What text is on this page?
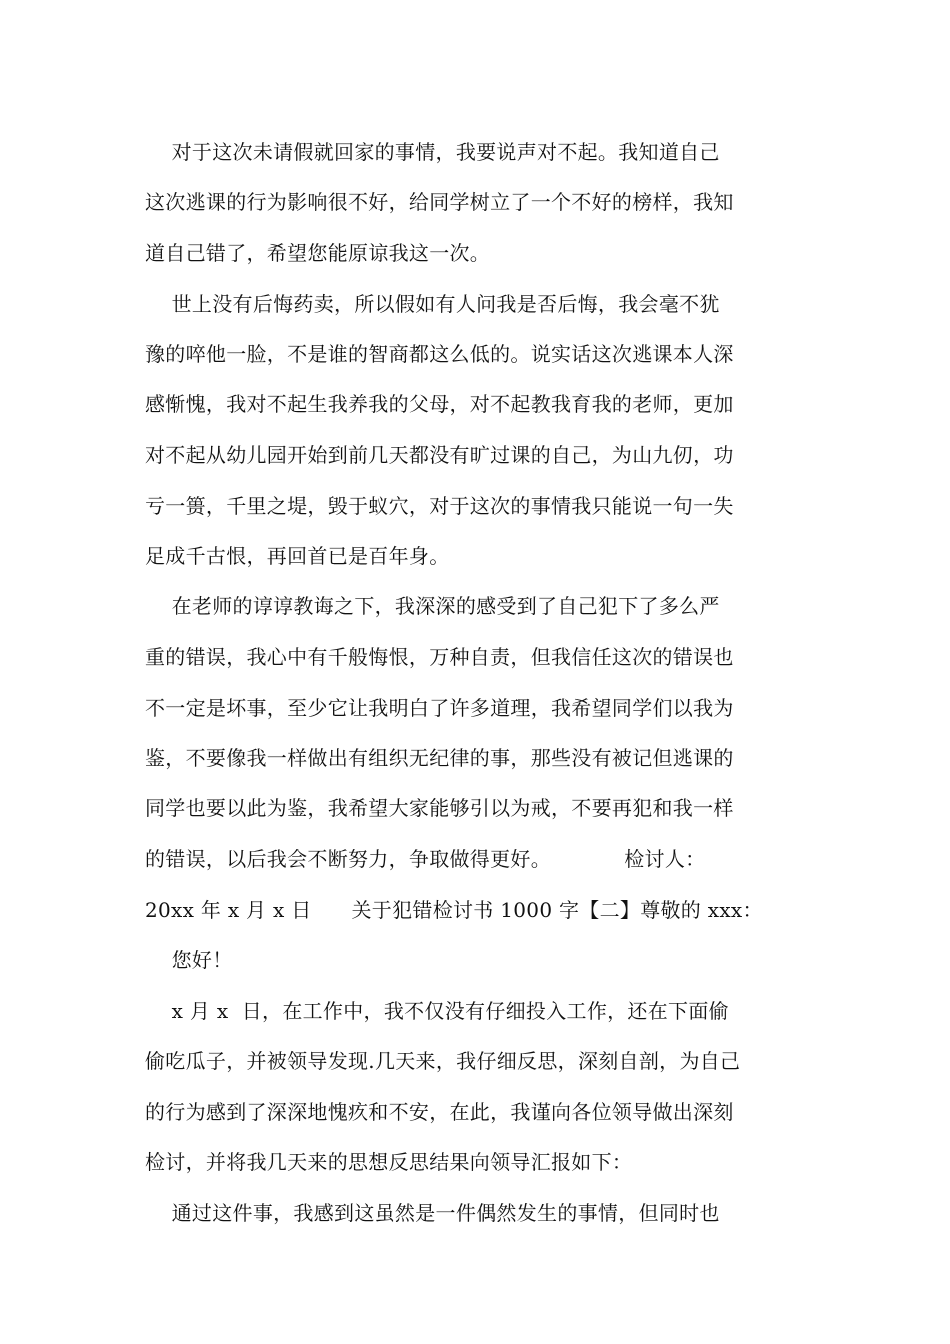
对于这次未请假就回家的事情，我要说声对不起。我知道自己
这次逃课的行为影响很不好，给同学树立了一个不好的榜样，我知
道自己错了，希望您能原谅我这一次。
世上没有后悔药卖，所以假如有人问我是否后悔，我会毫不犹
豫的啐他一脸，不是谁的智商都这么低的。说实话这次逃课本人深
感惭愧，我对不起生我养我的父母，对不起教我育我的老师，更加
对不起从幼儿园开始到前几天都没有旷过课的自己，为山九仞，功
亏一篑，千里之堤，毁于蚁穴，对于这次的事情我只能说一句一失
足成千古恨，再回首已是百年身。
在老师的谆谆教诲之下，我深深的感受到了自己犯下了多么严
重的错误，我心中有千般悔恨，万种自责，但我信任这次的错误也
不一定是坏事，至少它让我明白了许多道理，我希望同学们以我为
鉴，不要像我一样做出有组织无纪律的事，那些没有被记但逃课的
同学也要以此为鉴，我希望大家能够引以为戒，不要再犯和我一样
的错误，以后我会不断努力，争取做得更好。           检讨人：
20xx 年 x 月 x 日      关于犯错检讨书 1000 字【二】尊敬的 xxx：
您好！
x 月 x  日，在工作中，我不仅没有仔细投入工作，还在下面偷
偷吃瓜子，并被领导发现.几天来，我仔细反思，深刻自剖，为自己
的行为感到了深深地愧疚和不安，在此，我谨向各位领导做出深刻
检讨，并将我几天来的思想反思结果向领导汇报如下：
通过这件事，我感到这虽然是一件偶然发生的事情，但同时也
